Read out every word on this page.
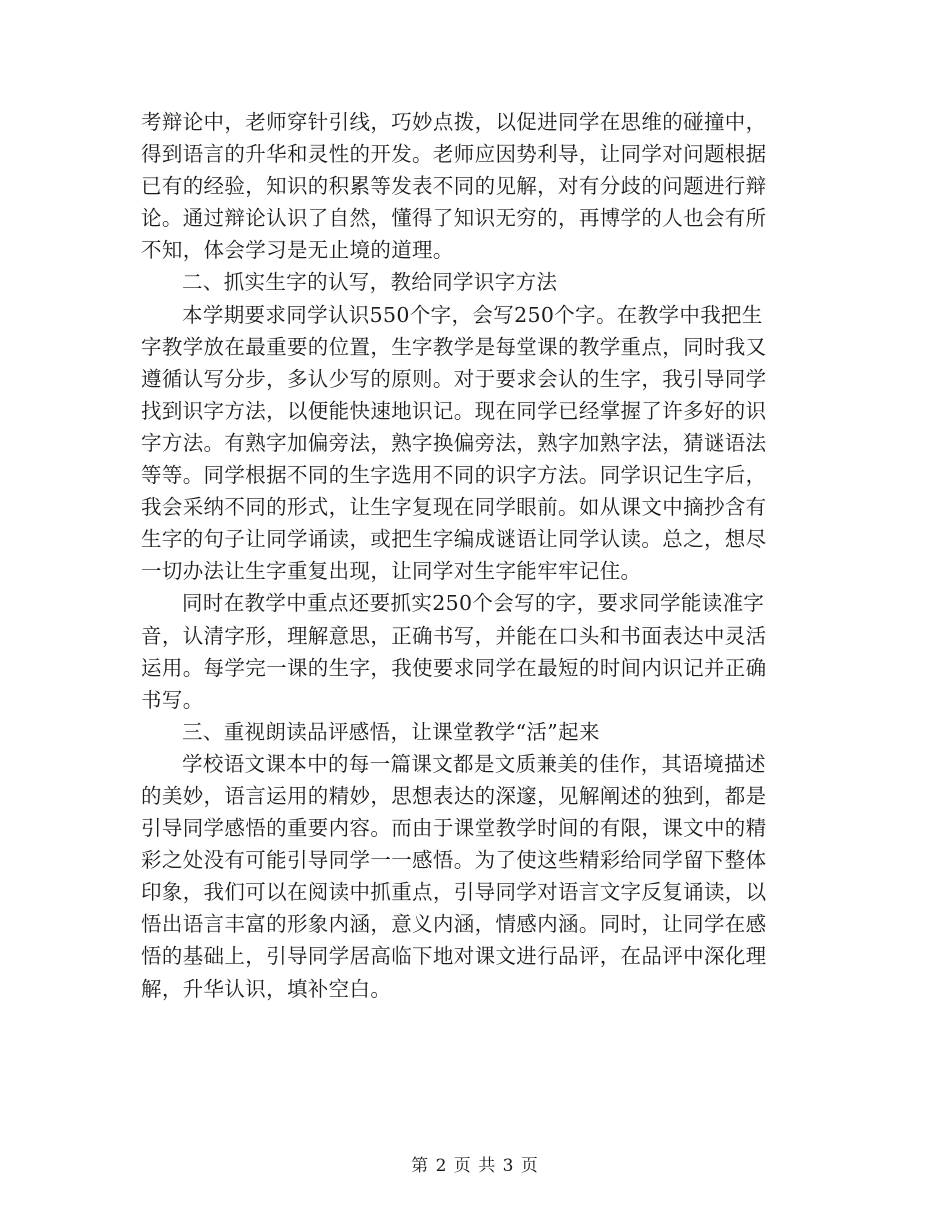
考辩论中，老师穿针引线，巧妙点拨，以促进同学在思维的碰撞中，
得到语言的升华和灵性的开发。老师应因势利导，让同学对问题根据
已有的经验，知识的积累等发表不同的见解，对有分歧的问题进行辩
论。通过辩论认识了自然，懂得了知识无穷的，再博学的人也会有所
不知，体会学习是无止境的道理。
二、抓实生字的认写，教给同学识字方法
本学期要求同学认识550个字，会写250个字。在教学中我把生
字教学放在最重要的位置，生字教学是每堂课的教学重点，同时我又
遵循认写分步，多认少写的原则。对于要求会认的生字，我引导同学
找到识字方法，以便能快速地识记。现在同学已经掌握了许多好的识
字方法。有熟字加偏旁法，熟字换偏旁法，熟字加熟字法，猜谜语法
等等。同学根据不同的生字选用不同的识字方法。同学识记生字后，
我会采纳不同的形式，让生字复现在同学眼前。如从课文中摘抄含有
生字的句子让同学诵读，或把生字编成谜语让同学认读。总之，想尽
一切办法让生字重复出现，让同学对生字能牢牢记住。
同时在教学中重点还要抓实250个会写的字，要求同学能读准字
音，认清字形，理解意思，正确书写，并能在口头和书面表达中灵活
运用。每学完一课的生字，我使要求同学在最短的时间内识记并正确
书写。
三、重视朗读品评感悟，让课堂教学“活”起来
学校语文课本中的每一篇课文都是文质兼美的佳作，其语境描述
的美妙，语言运用的精妙，思想表达的深邃，见解阐述的独到，都是
引导同学感悟的重要内容。而由于课堂教学时间的有限，课文中的精
彩之处没有可能引导同学一一感悟。为了使这些精彩给同学留下整体
印象，我们可以在阅读中抓重点，引导同学对语言文字反复诵读，以
悟出语言丰富的形象内涵，意义内涵，情感内涵。同时，让同学在感
悟的基础上，引导同学居高临下地对课文进行品评，在品评中深化理
解，升华认识，填补空白。
第 2 页 共 3 页
